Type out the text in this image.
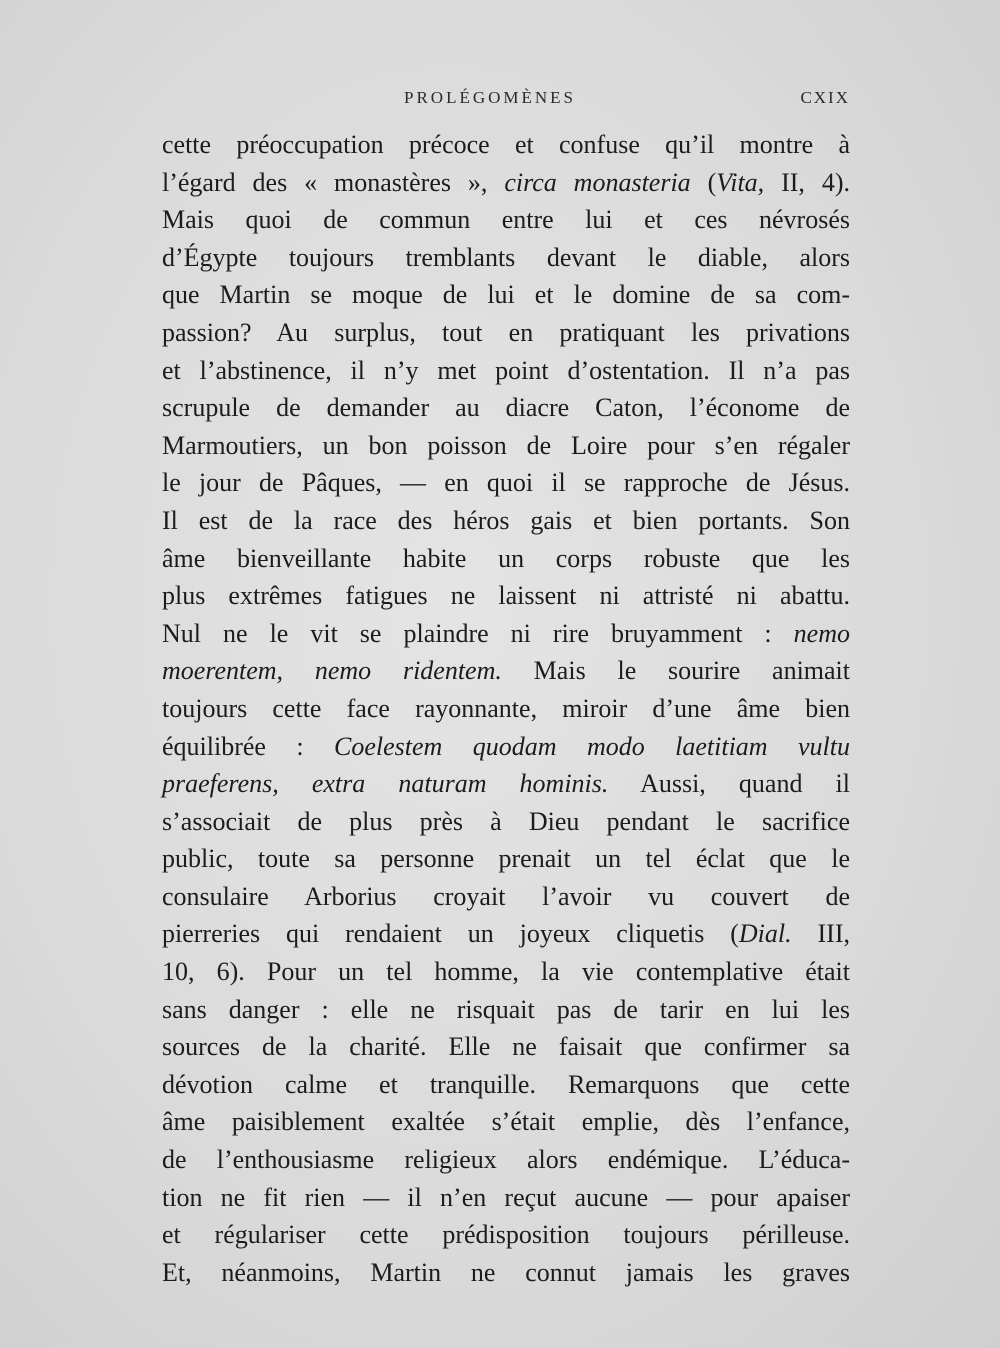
PROLÉGOMÈNES	CXIX
cette préoccupation précoce et confuse qu’il montre à
l’égard des « monastères », circa monasteria (Vita, II, 4).
Mais quoi de commun entre lui et ces névrosés
d’Égypte toujours tremblants devant le diable, alors
que Martin se moque de lui et le domine de sa com-
passion? Au surplus, tout en pratiquant les privations
et l’abstinence, il n’y met point d’ostentation. Il n’a pas
scrupule de demander au diacre Caton, l’économe de
Marmoutiers, un bon poisson de Loire pour s’en régaler
le jour de Pâques, — en quoi il se rapproche de Jésus.
Il est de la race des héros gais et bien portants. Son
âme bienveillante habite un corps robuste que les
plus extrêmes fatigues ne laissent ni attristé ni abattu.
Nul ne le vit se plaindre ni rire bruyamment : nemo
moerentem, nemo ridentem. Mais le sourire animait
toujours cette face rayonnante, miroir d’une âme bien
équilibrée : Coelestem quodam modo laetitiam vultu
praeferens, extra naturam hominis. Aussi, quand il
s’associait de plus près à Dieu pendant le sacrifice
public, toute sa personne prenait un tel éclat que le
consulaire Arborius croyait l’avoir vu couvert de
pierreries qui rendaient un joyeux cliquetis (Dial. III,
10, 6). Pour un tel homme, la vie contemplative était
sans danger : elle ne risquait pas de tarir en lui les
sources de la charité. Elle ne faisait que confirmer sa
dévotion calme et tranquille. Remarquons que cette
âme paisiblement exaltée s’était emplie, dès l’enfance,
de l’enthousiasme religieux alors endémique. L’éduca-
tion ne fit rien — il n’en reçut aucune — pour apaiser
et régulariser cette prédisposition toujours périlleuse.
Et, néanmoins, Martin ne connut jamais les graves
